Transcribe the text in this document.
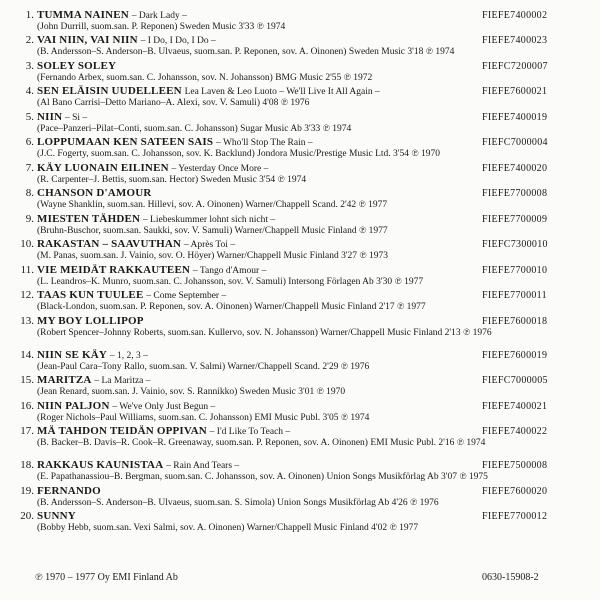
1. TUMMA NAINEN – Dark Lady –	FIEFE7400002
(John Durrill, suom.san. P. Reponen) Sweden Music 3'33 ℗ 1974
2. VAI NIIN, VAI NIIN – I Do, I Do, I Do –	FIEFE7400023
(B. Andersson–S. Anderson–B. Ulvaeus, suom.san. P. Reponen, sov. A. Oinonen) Sweden Music 3'18 ℗ 1974
3. SOLEY SOLEY	FIEFC7200007
(Fernando Arbex, suom.san. C. Johansson, sov. N. Johansson) BMG Music 2'55 ℗ 1972
4. SEN ELÄISIN UUDELLEEN Lea Laven & Leo Luoto – We'll Live It All Again –	FIEFE7600021
(Al Bano Carrisi–Detto Mariano–A. Alexi, sov. V. Samuli) 4'08 ℗ 1976
5. NIIN – Si –	FIEFE7400019
(Pace–Panzeri–Pilat–Conti, suom.san. C. Johansson) Sugar Music Ab 3'33 ℗ 1974
6. LOPPUMAAN KEN SATEEN SAIS – Who'll Stop The Rain –	FIEFC7000004
(J.C. Fogerty, suom.san. C. Johansson, sov. K. Backlund) Jondora Music/Prestige Music Ltd. 3'54 ℗ 1970
7. KÄY LUONAIN EILINEN – Yesterday Once More –	FIEFE7400020
(R. Carpenter–J. Bettis, suom.san. Hector) Sweden Music 3'54 ℗ 1974
8. CHANSON D'AMOUR	FIEFE7700008
(Wayne Shanklin, suom.san. Hillevi, sov. A. Oinonen) Warner/Chappell Scand. 2'42 ℗ 1977
9. MIESTEN TÄHDEN – Liebeskummer lohnt sich nicht –	FIEFE7700009
(Bruhn-Buschor, suom.san. Saukki, sov. V. Samuli) Warner/Chappell Music Finland ℗ 1977
10. RAKASTAN – SAAVUTHAN – Après Toi –	FIEFC7300010
(M. Panas, suom.san. J. Vainio, sov. O. Höyer) Warner/Chappell Music Finland 3'27 ℗ 1973
11. VIE MEIDÄT RAKKAUTEEN – Tango d'Amour –	FIEFE7700010
(L. Leandros–K. Munro, suom.san. C. Johansson, sov. V. Samuli) Intersong Förlagen Ab 3'30 ℗ 1977
12. TAAS KUN TUULEE – Come September –	FIEFE7700011
(Black-London, suom.san. P. Reponen, sov. A. Oinonen) Warner/Chappell Music Finland 2'17 ℗ 1977
13. MY BOY LOLLIPOP	FIEFE7600018
(Robert Spencer–Johnny Roberts, suom.san. Kullervo, sov. N. Johansson) Warner/Chappell Music Finland 2'13 ℗ 1976
14. NIIN SE KÄY – 1, 2, 3 –	FIEFE7600019
(Jean-Paul Cara–Tony Rallo, suom.san. V. Salmi) Warner/Chappell Scand. 2'29 ℗ 1976
15. MARITZA – La Maritza –	FIEFC7000005
(Jean Renard, suom.san. J. Vainio, sov. S. Rannikko) Sweden Music 3'01 ℗ 1970
16. NIIN PALJON – We've Only Just Begun –	FIEFE7400021
(Roger Nichols–Paul Williams, suom.san. C. Johansson) EMI Music Publ. 3'05 ℗ 1974
17. MÄ TAHDON TEIDÄN OPPIVAN – I'd Like To Teach –	FIEFE7400022
(B. Backer–B. Davis–R. Cook–R. Greenaway, suom.san. P. Reponen, sov. A. Oinonen) EMI Music Publ. 2'16 ℗ 1974
18. RAKKAUS KAUNISTAA – Rain And Tears –	FIEFE7500008
(E. Papathanassiou–B. Bergman, suom.san. C. Johansson, sov. A. Oinonen) Union Songs Musikförlag Ab 3'07 ℗ 1975
19. FERNANDO	FIEFE7600020
(B. Andersson–S. Anderson–B. Ulvaeus, suom.san. S. Simola) Union Songs Musikförlag Ab 4'26 ℗ 1976
20. SUNNY	FIEFE7700012
(Bobby Hebb, suom.san. Vexi Salmi, sov. A. Oinonen) Warner/Chappell Music Finland 4'02 ℗ 1977
℗ 1970 – 1977 Oy EMI Finland Ab	0630-15908-2
